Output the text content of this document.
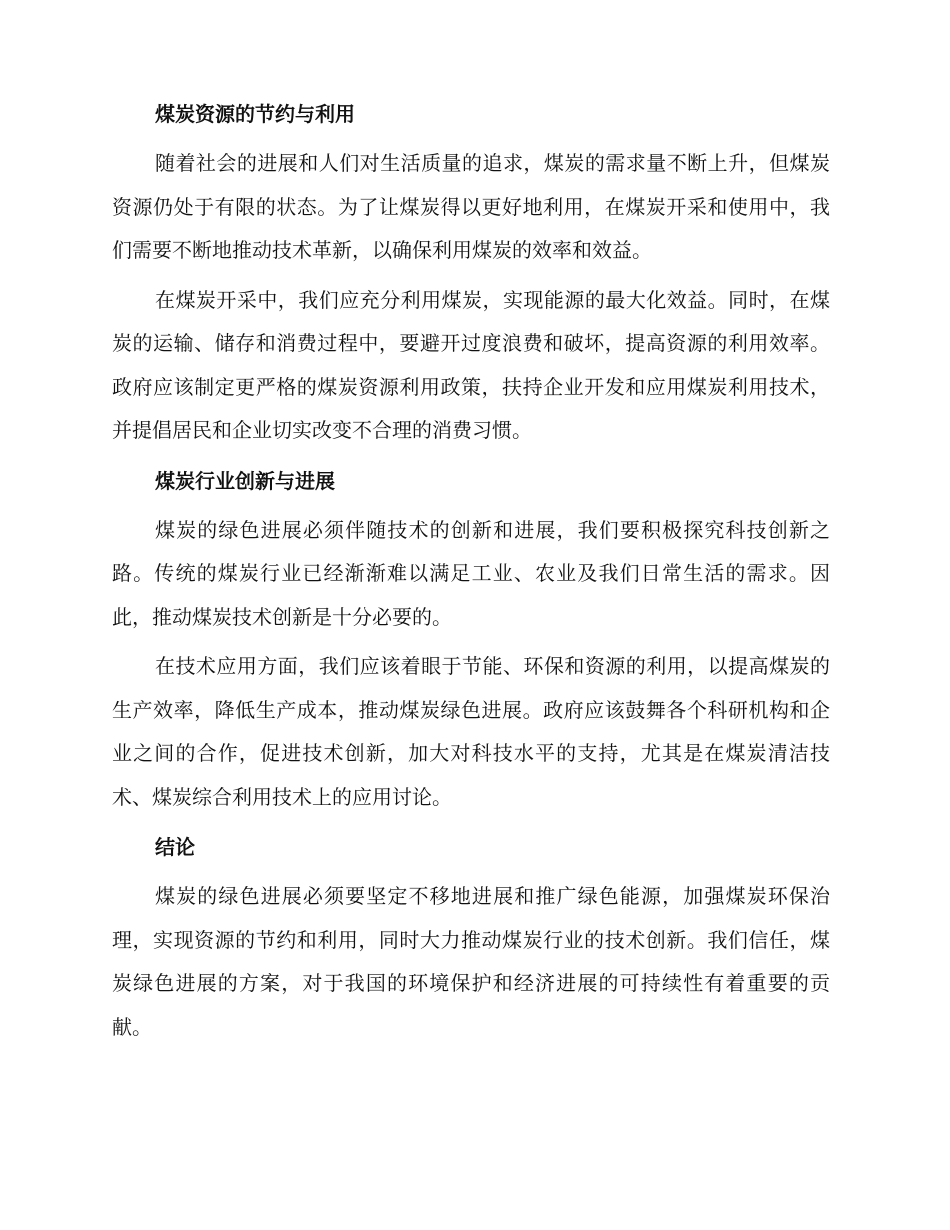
煤炭资源的节约与利用

随着社会的进展和人们对生活质量的追求，煤炭的需求量不断上升，但煤炭资源仍处于有限的状态。为了让煤炭得以更好地利用，在煤炭开采和使用中，我们需要不断地推动技术革新，以确保利用煤炭的效率和效益。

在煤炭开采中，我们应充分利用煤炭，实现能源的最大化效益。同时，在煤炭的运输、储存和消费过程中，要避开过度浪费和破坏，提高资源的利用效率。政府应该制定更严格的煤炭资源利用政策，扶持企业开发和应用煤炭利用技术，并提倡居民和企业切实改变不合理的消费习惯。

煤炭行业创新与进展

煤炭的绿色进展必须伴随技术的创新和进展，我们要积极探究科技创新之路。传统的煤炭行业已经渐渐难以满足工业、农业及我们日常生活的需求。因此，推动煤炭技术创新是十分必要的。

在技术应用方面，我们应该着眼于节能、环保和资源的利用，以提高煤炭的生产效率，降低生产成本，推动煤炭绿色进展。政府应该鼓舞各个科研机构和企业之间的合作，促进技术创新，加大对科技水平的支持，尤其是在煤炭清洁技术、煤炭综合利用技术上的应用讨论。

结论

煤炭的绿色进展必须要坚定不移地进展和推广绿色能源，加强煤炭环保治理，实现资源的节约和利用，同时大力推动煤炭行业的技术创新。我们信任，煤炭绿色进展的方案，对于我国的环境保护和经济进展的可持续性有着重要的贡献。
